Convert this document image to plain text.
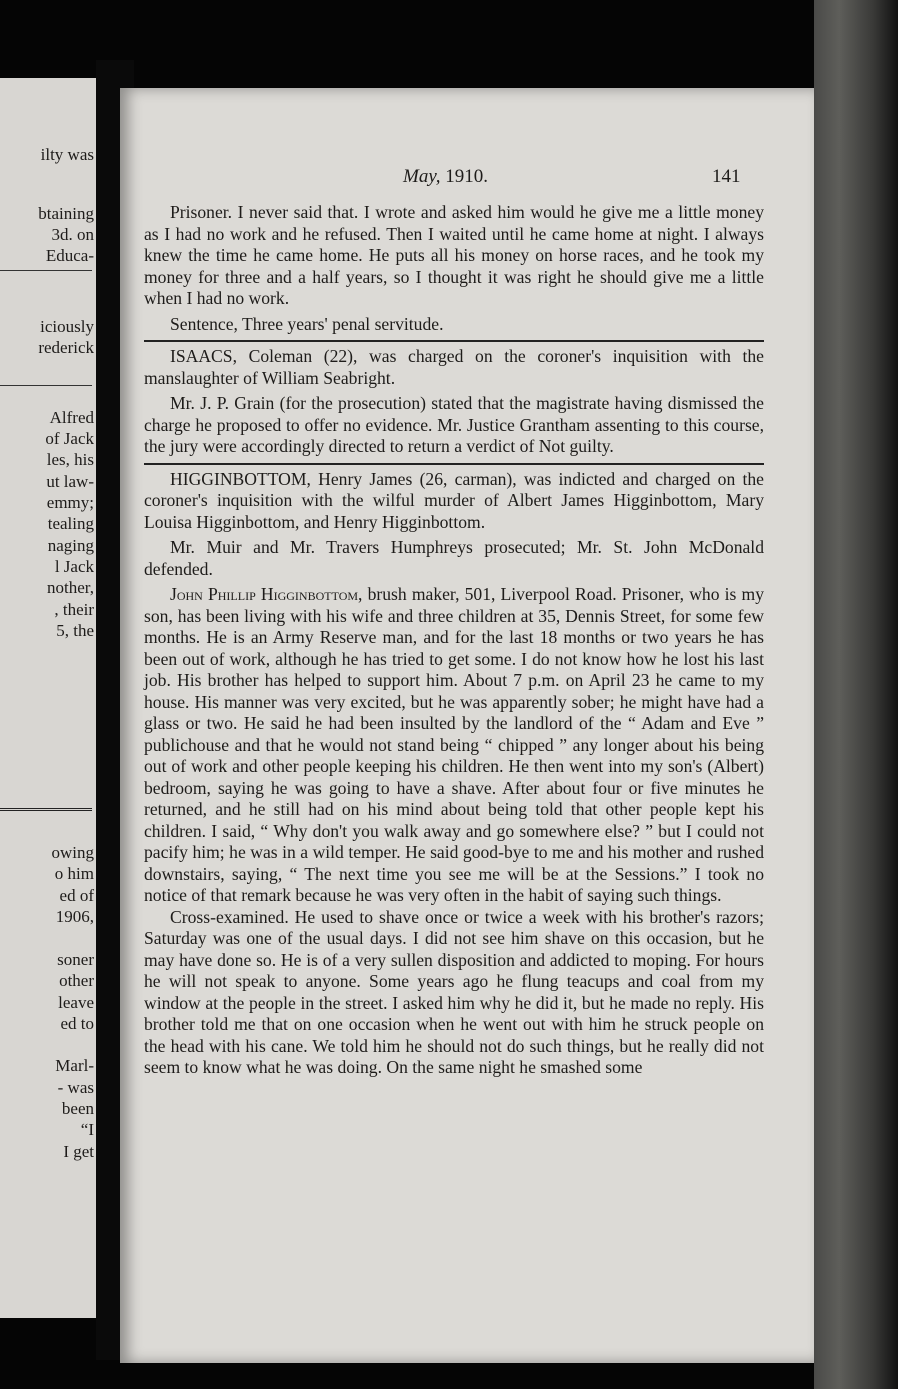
ilty was
btaining
3d. on
Educa-
iciously
rederick
Alfred
of Jack
les, his
ut law-
emmy;
tealing
naging
l Jack
nother,
, their
5, the
owing
o him
ed of
1906,
soner
other
leave
ed to
Marl-
- was
been
“I
I get
May, 1910.	141

Prisoner. I never said that. I wrote and asked him would he give me a little money as I had no work and he refused. Then I waited until he came home at night. I always knew the time he came home. He puts all his money on horse races, and he took my money for three and a half years, so I thought it was right he should give me a little when I had no work.

Sentence, Three years' penal servitude.

ISAACS, Coleman (22), was charged on the coroner's inquisition with the manslaughter of William Seabright.

Mr. J. P. Grain (for the prosecution) stated that the magistrate having dismissed the charge he proposed to offer no evidence. Mr. Justice Grantham assenting to this course, the jury were accordingly directed to return a verdict of Not guilty.

HIGGINBOTTOM, Henry James (26, carman), was indicted and charged on the coroner's inquisition with the wilful murder of Albert James Higginbottom, Mary Louisa Higginbottom, and Henry Higginbottom.

Mr. Muir and Mr. Travers Humphreys prosecuted; Mr. St. John McDonald defended.

John Phillip Higginbottom, brush maker, 501, Liverpool Road. Prisoner, who is my son, has been living with his wife and three children at 35, Dennis Street, for some few months. He is an Army Reserve man, and for the last 18 months or two years he has been out of work, although he has tried to get some. I do not know how he lost his last job. His brother has helped to support him. About 7 p.m. on April 23 he came to my house. His manner was very excited, but he was apparently sober; he might have had a glass or two. He said he had been insulted by the landlord of the “ Adam and Eve ” publichouse and that he would not stand being “ chipped ” any longer about his being out of work and other people keeping his children. He then went into my son's (Albert) bedroom, saying he was going to have a shave. After about four or five minutes he returned, and he still had on his mind about being told that other people kept his children. I said, “ Why don't you walk away and go somewhere else? ” but I could not pacify him; he was in a wild temper. He said good-bye to me and his mother and rushed downstairs, saying, “ The next time you see me will be at the Sessions.” I took no notice of that remark because he was very often in the habit of saying such things.

Cross-examined. He used to shave once or twice a week with his brother's razors; Saturday was one of the usual days. I did not see him shave on this occasion, but he may have done so. He is of a very sullen disposition and addicted to moping. For hours he will not speak to anyone. Some years ago he flung teacups and coal from my window at the people in the street. I asked him why he did it, but he made no reply. His brother told me that on one occasion when he went out with him he struck people on the head with his cane. We told him he should not do such things, but he really did not seem to know what he was doing. On the same night he smashed some
